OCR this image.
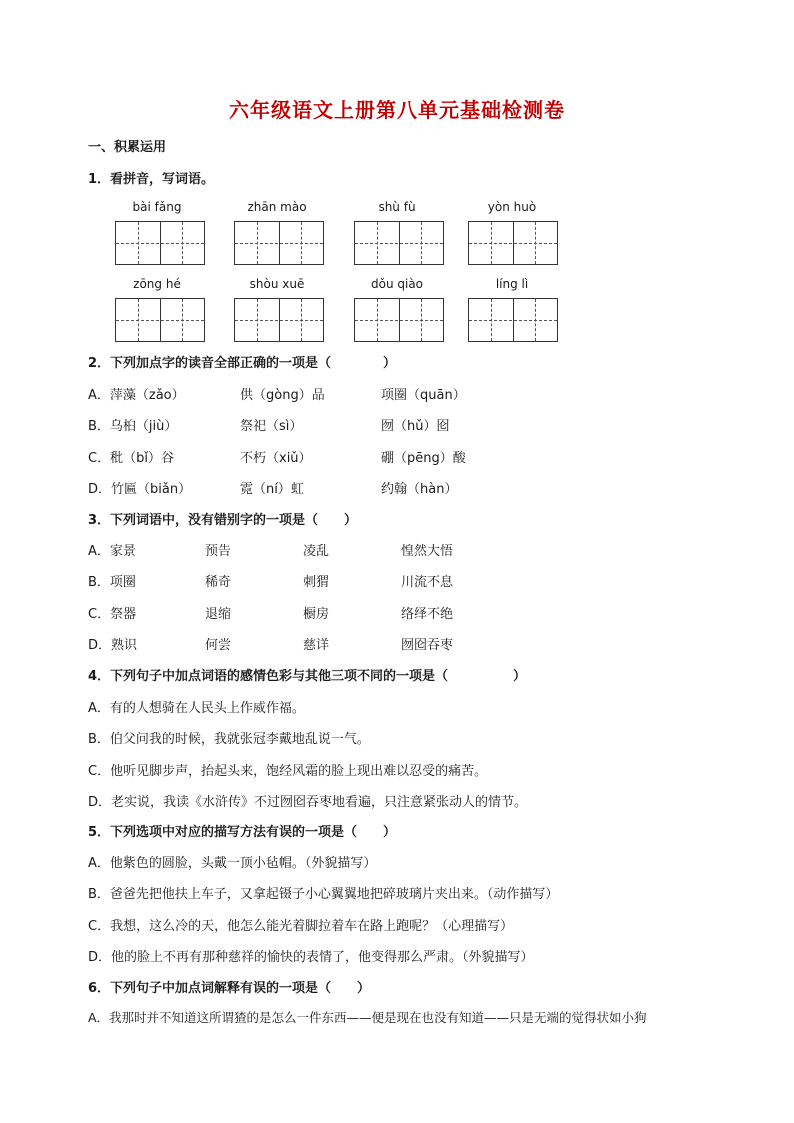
六年级语文上册第八单元基础检测卷
一、积累运用
1．看拼音，写词语。
bài fǎng	zhān mào	shù fù	yòn huò
zōng hé	shòu xuē	dǒu qiào	líng lì
2．下列加点字的读音全部正确的一项是（　　　　）
A．萍藻（zǎo）	供（gòng）品	项圈（quān）
B．乌桕（jiù）	祭祀（sì）	囫（hǔ）囵
C．秕（bǐ）谷	不朽（xiǔ）	硼（pēng）酸
D．竹匾（biǎn）	霓（ní）虹	约翰（hàn）
3．下列词语中，没有错别字的一项是（　　）
A．家景	预告	凌乱	惶然大悟
B．项圈	稀奇	刺猬	川流不息
C．祭器	退缩	橱房	络绎不绝
D．熟识	何尝	慈详	囫囵吞枣
4．下列句子中加点词语的感情色彩与其他三项不同的一项是（　　　　　）
A．有的人想骑在人民头上作威作福。
B．伯父问我的时候，我就张冠李戴地乱说一气。
C．他听见脚步声，抬起头来，饱经风霜的脸上现出难以忍受的痛苦。
D．老实说，我读《水浒传》不过囫囵吞枣地看遍，只注意紧张动人的情节。
5．下列选项中对应的描写方法有误的一项是（　　）
A．他紫色的圆脸，头戴一顶小毡帽。（外貌描写）
B．爸爸先把他扶上车子，又拿起镊子小心翼翼地把碎玻璃片夹出来。（动作描写）
C．我想，这么冷的天，他怎么能光着脚拉着车在路上跑呢？（心理描写）
D．他的脸上不再有那种慈祥的愉快的表情了，他变得那么严肃。（外貌描写）
6．下列句子中加点词解释有误的一项是（　　）
A．我那时并不知道这所谓猹的是怎么一件东西——便是现在也没有知道——只是无端的觉得状如小狗
